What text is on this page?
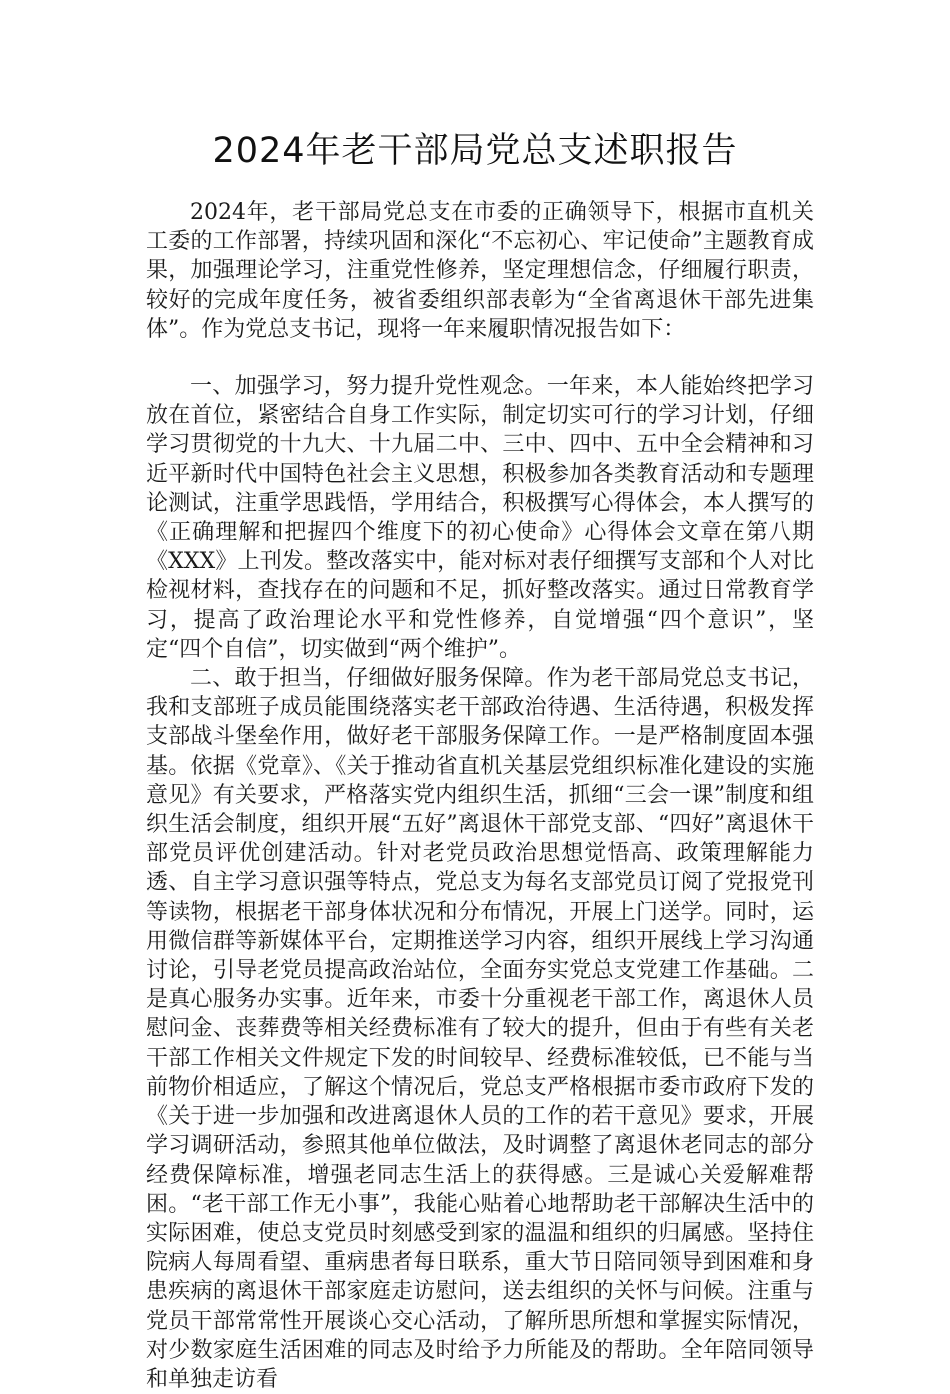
2024年老干部局党总支述职报告

2024年，老干部局党总支在市委的正确领导下，根据市直机关工委的工作部署，持续巩固和深化“不忘初心、牢记使命”主题教育成果，加强理论学习，注重党性修养，坚定理想信念，仔细履行职责，较好的完成年度任务，被省委组织部表彰为“全省离退休干部先进集体”。作为党总支书记，现将一年来履职情况报告如下：

一、加强学习，努力提升党性观念。一年来，本人能始终把学习放在首位，紧密结合自身工作实际，制定切实可行的学习计划，仔细学习贯彻党的十九大、十九届二中、三中、四中、五中全会精神和习近平新时代中国特色社会主义思想，积极参加各类教育活动和专题理论测试，注重学思践悟，学用结合，积极撰写心得体会，本人撰写的《正确理解和把握四个维度下的初心使命》心得体会文章在第八期《XXX》上刊发。整改落实中，能对标对表仔细撰写支部和个人对比检视材料，查找存在的问题和不足，抓好整改落实。通过日常教育学习，提高了政治理论水平和党性修养，自觉增强“四个意识”，坚定“四个自信”，切实做到“两个维护”。

二、敢于担当，仔细做好服务保障。作为老干部局党总支书记，我和支部班子成员能围绕落实老干部政治待遇、生活待遇，积极发挥支部战斗堡垒作用，做好老干部服务保障工作。一是严格制度固本强基。依据《党章》、《关于推动省直机关基层党组织标准化建设的实施意见》有关要求，严格落实党内组织生活，抓细“三会一课”制度和组织生活会制度，组织开展“五好”离退休干部党支部、“四好”离退休干部党员评优创建活动。针对老党员政治思想觉悟高、政策理解能力透、自主学习意识强等特点，党总支为每名支部党员订阅了党报党刊等读物，根据老干部身体状况和分布情况，开展上门送学。同时，运用微信群等新媒体平台，定期推送学习内容，组织开展线上学习沟通讨论，引导老党员提高政治站位，全面夯实党总支党建工作基础。二是真心服务办实事。近年来，市委十分重视老干部工作，离退休人员慰问金、丧葬费等相关经费标准有了较大的提升，但由于有些有关老干部工作相关文件规定下发的时间较早、经费标准较低，已不能与当前物价相适应，了解这个情况后，党总支严格根据市委市政府下发的《关于进一步加强和改进离退休人员的工作的若干意见》要求，开展学习调研活动，参照其他单位做法，及时调整了离退休老同志的部分经费保障标准，增强老同志生活上的获得感。三是诚心关爱解难帮困。“老干部工作无小事”，我能心贴着心地帮助老干部解决生活中的实际困难，使总支党员时刻感受到家的温温和组织的归属感。坚持住院病人每周看望、重病患者每日联系，重大节日陪同领导到困难和身患疾病的离退休干部家庭走访慰问，送去组织的关怀与问候。注重与党员干部常常性开展谈心交心活动，了解所思所想和掌握实际情况，对少数家庭生活困难的同志及时给予力所能及的帮助。全年陪同领导和单独走访看
